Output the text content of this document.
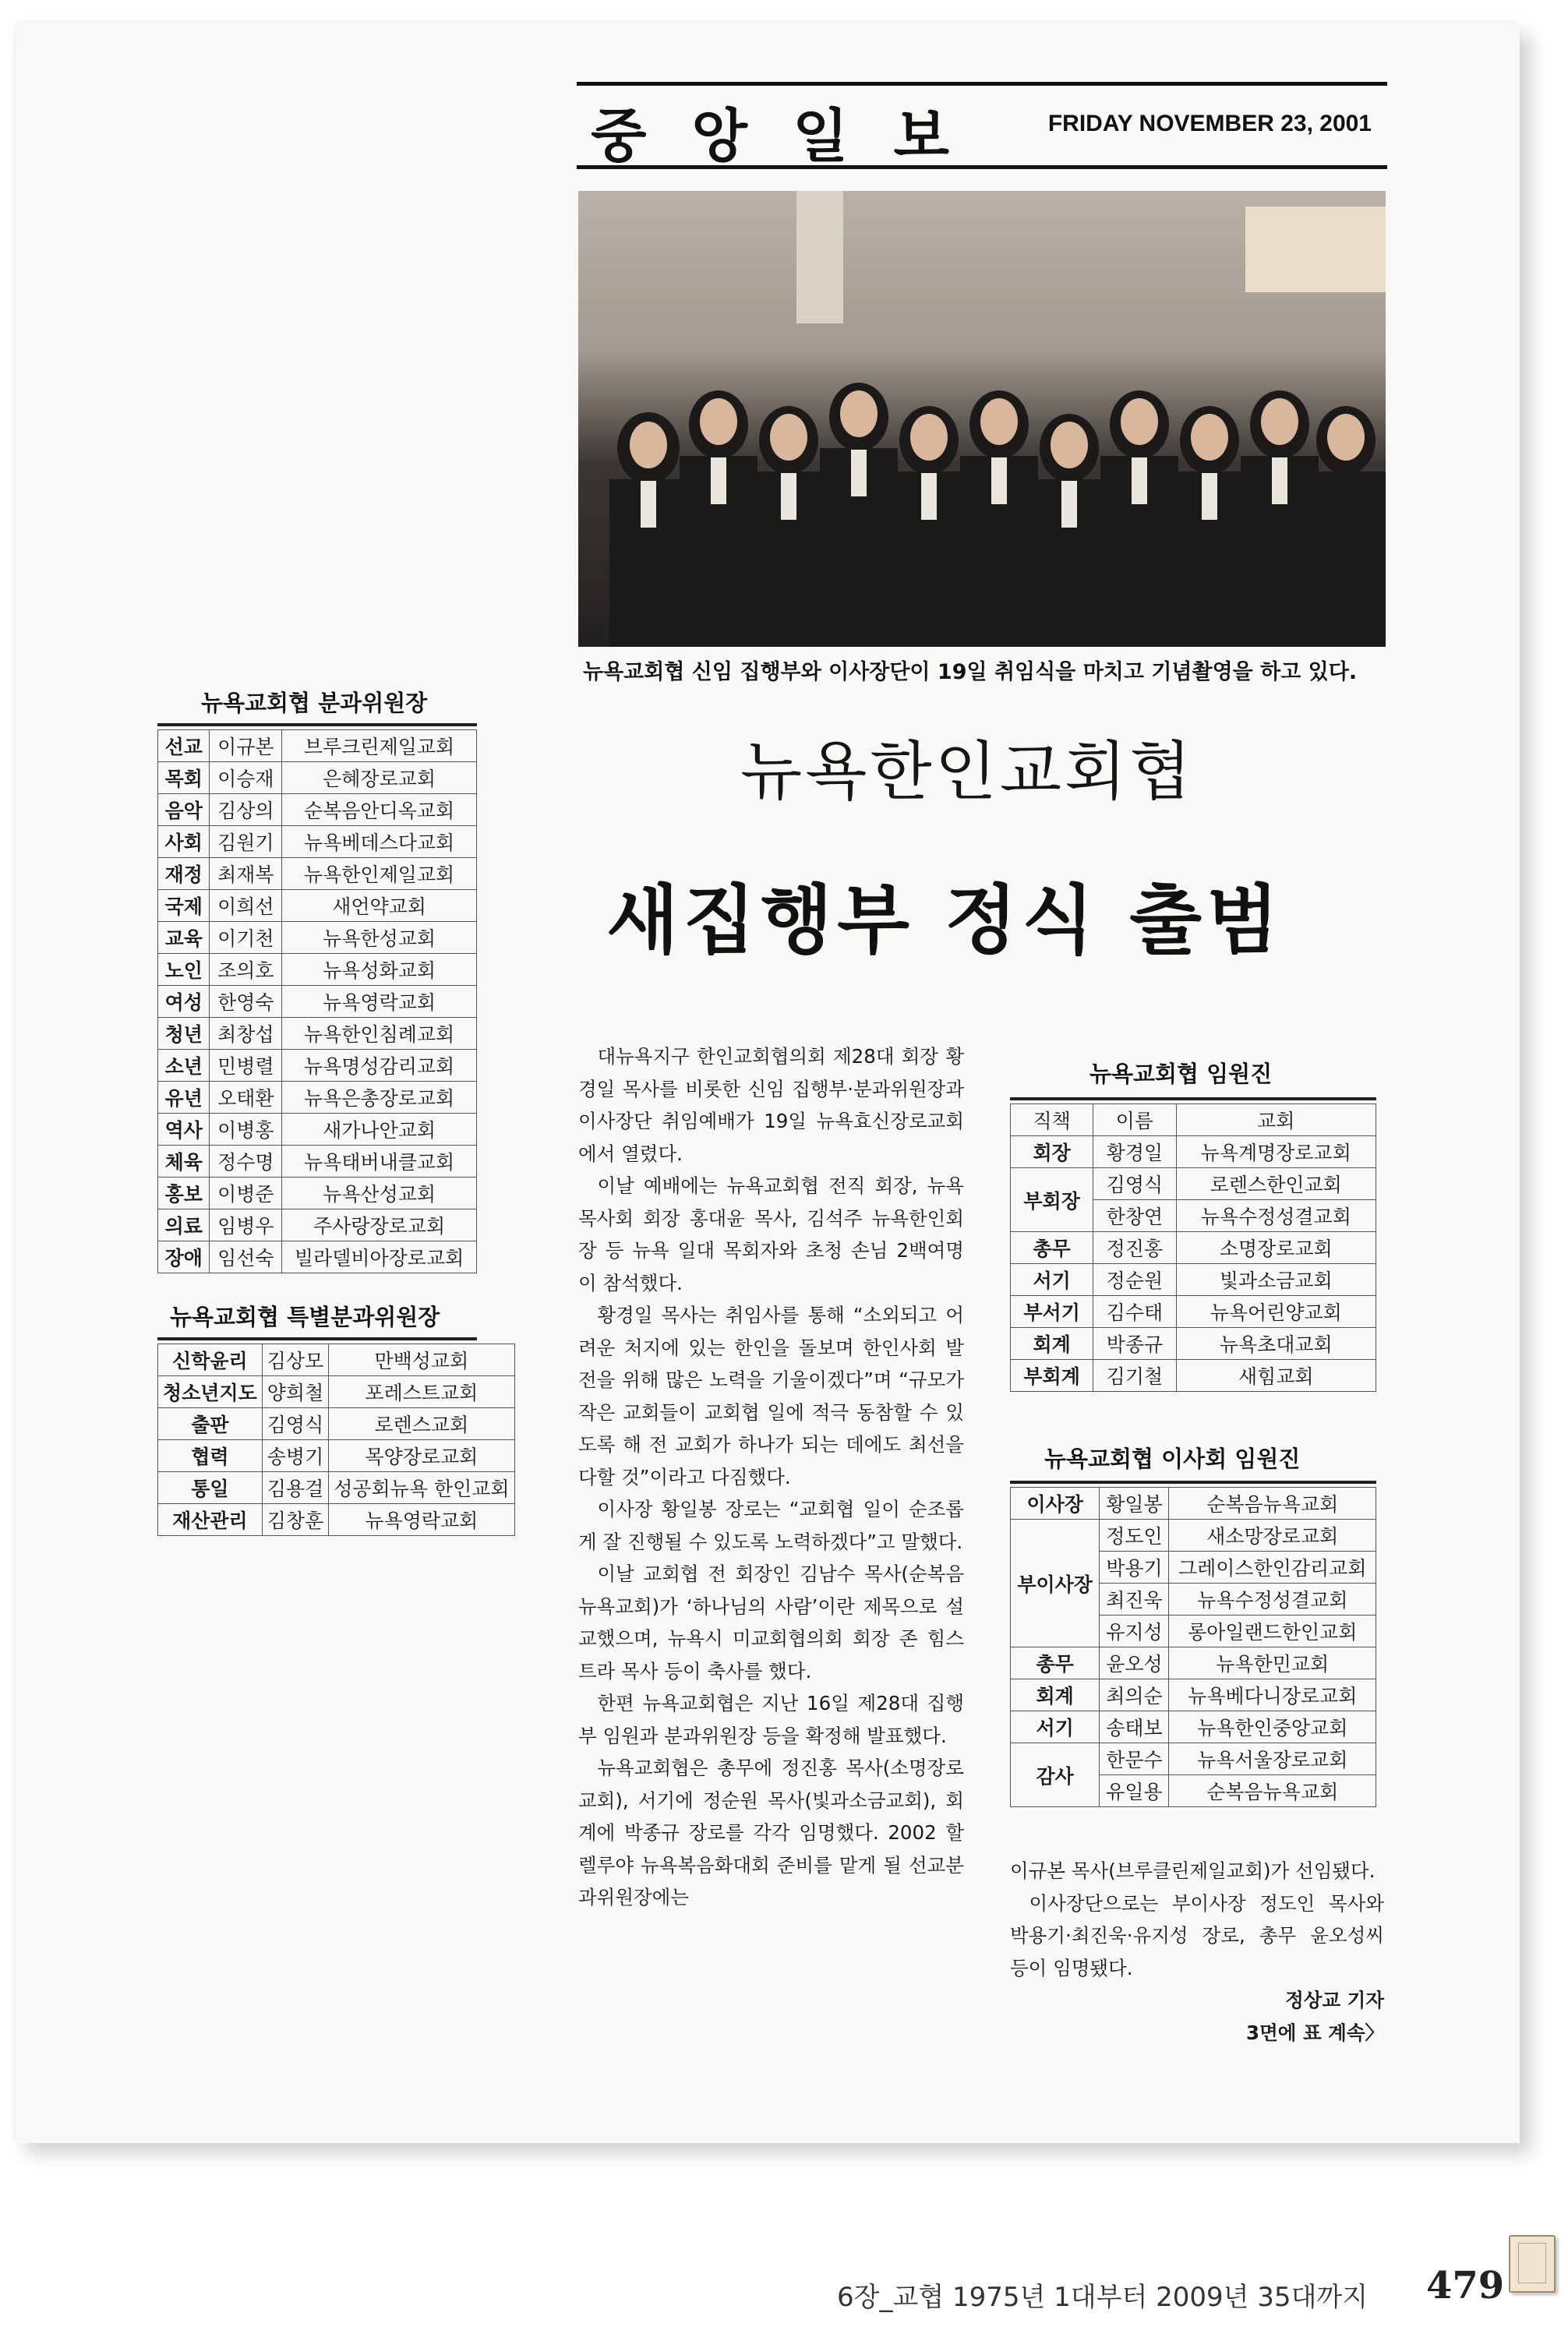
중앙일보 FRIDAY NOVEMBER 23, 2001
뉴욕교회협 신임 집행부와 이사장단이 19일 취임식을 마치고 기념촬영을 하고 있다.
뉴욕한인교회협
새집행부 정식 출범

대뉴욕지구 한인교회협의회 제28대 회장 황경일 목사를 비롯한 신임 집행부·분과위원장과 이사장단 취임예배가 19일 뉴욕효신장로교회에서 열렸다.

이날 예배에는 뉴욕교회협 전직 회장, 뉴욕목사회 회장 홍대윤 목사, 김석주 뉴욕한인회장 등 뉴욕 일대 목회자와 초청 손님 2백여명이 참석했다.

황경일 목사는 취임사를 통해 “소외되고 어려운 처지에 있는 한인을 돌보며 한인사회 발전을 위해 많은 노력을 기울이겠다”며 “규모가 작은 교회들이 교회협 일에 적극 동참할 수 있도록 해 전 교회가 하나가 되는 데에도 최선을 다할 것”이라고 다짐했다.

이사장 황일봉 장로는 “교회협 일이 순조롭게 잘 진행될 수 있도록 노력하겠다”고 말했다.

이날 교회협 전 회장인 김남수 목사(순복음뉴욕교회)가 ‘하나님의 사람’이란 제목으로 설교했으며, 뉴욕시 미교회협의회 회장 존 힘스트라 목사 등이 축사를 했다.

한편 뉴욕교회협은 지난 16일 제28대 집행부 임원과 분과위원장 등을 확정해 발표했다.

뉴욕교회협은 총무에 정진홍 목사(소명장로교회), 서기에 정순원 목사(빛과소금교회), 회계에 박종규 장로를 각각 임명했다. 2002 할렐루야 뉴욕복음화대회 준비를 맡게 될 선교분과위원장에는

이규본 목사(브루클린제일교회)가 선임됐다.

이사장단으로는 부이사장 정도인 목사와 박용기·최진욱·유지성 장로, 총무 윤오성씨 등이 임명됐다.

정상교 기자
3면에 표 계속〉
뉴욕교회협 분과위원장
선교	이규본	브루크린제일교회
목회	이승재	은혜장로교회
음악	김상의	순복음안디옥교회
사회	김원기	뉴욕베데스다교회
재정	최재복	뉴욕한인제일교회
국제	이희선	새언약교회
교육	이기천	뉴욕한성교회
노인	조의호	뉴욕성화교회
여성	한영숙	뉴욕영락교회
청년	최창섭	뉴욕한인침례교회
소년	민병렬	뉴욕명성감리교회
유년	오태환	뉴욕은총장로교회
역사	이병홍	새가나안교회
체육	정수명	뉴욕태버내클교회
홍보	이병준	뉴욕산성교회
의료	임병우	주사랑장로교회
장애	임선숙	빌라델비아장로교회
뉴욕교회협 특별분과위원장
신학윤리	김상모	만백성교회
청소년지도	양희철	포레스트교회
출판	김영식	로렌스교회
협력	송병기	목양장로교회
통일	김용걸	성공회뉴욕 한인교회
재산관리	김창훈	뉴욕영락교회
뉴욕교회협 임원진
직책	이름	교회
회장	황경일	뉴욕계명장로교회
부회장	김영식	로렌스한인교회
	한창연	뉴욕수정성결교회
총무	정진홍	소명장로교회
서기	정순원	빛과소금교회
부서기	김수태	뉴욕어린양교회
회계	박종규	뉴욕초대교회
부회계	김기철	새힘교회
뉴욕교회협 이사회 임원진
이사장	황일봉	순복음뉴욕교회
부이사장	정도인	새소망장로교회
	박용기	그레이스한인감리교회
	최진욱	뉴욕수정성결교회
	유지성	롱아일랜드한인교회
총무	윤오성	뉴욕한민교회
회계	최의순	뉴욕베다니장로교회
서기	송태보	뉴욕한인중앙교회
감사	한문수	뉴욕서울장로교회
	유일용	순복음뉴욕교회
6장_교협 1975년 1대부터 2009년 35대까지 479
